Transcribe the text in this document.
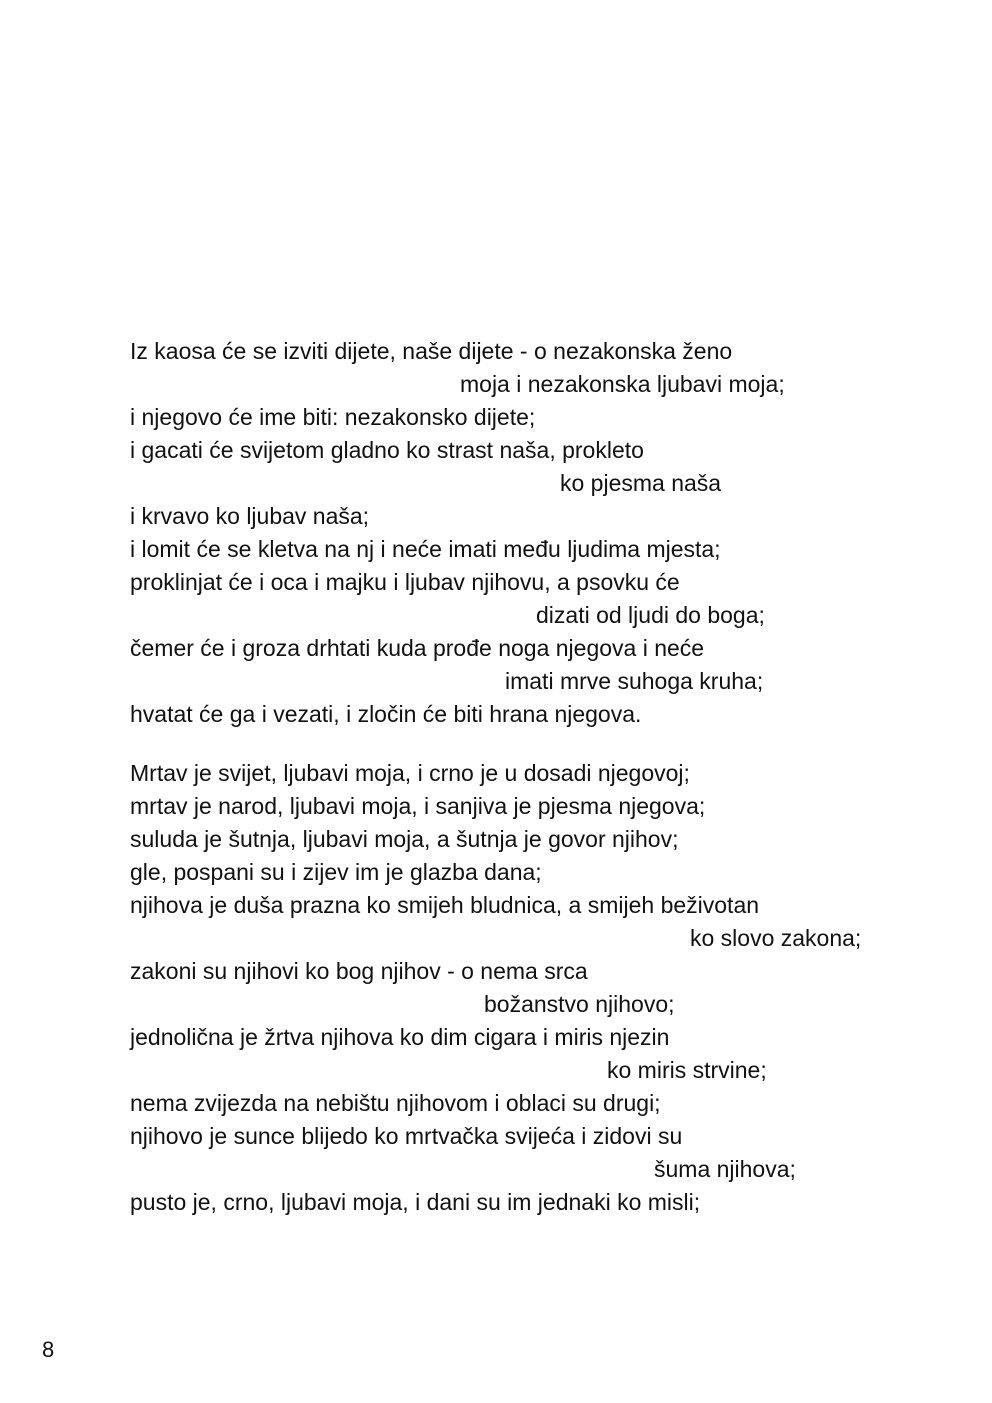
Iz kaosa će se izviti dijete, naše dijete - o nezakonska ženo
moja i nezakonska ljubavi moja;
i njegovo će ime biti: nezakonsko dijete;
i gacati će svijetom gladno ko strast naša, prokleto
ko pjesma naša
i krvavo ko ljubav naša;
i lomit će se kletva na nj i neće imati među ljudima mjesta;
proklinjat će i oca i majku i ljubav njihovu, a psovku će
dizati od ljudi do boga;
čemer će i groza drhtati kuda prođe noga njegova i neće
imati mrve suhoga kruha;
hvatat će ga i vezati, i zločin će biti hrana njegova.
Mrtav je svijet, ljubavi moja, i crno je u dosadi njegovoj;
mrtav je narod, ljubavi moja, i sanjiva je pjesma njegova;
suluda je šutnja, ljubavi moja, a šutnja je govor njihov;
gle, pospani su i zijev im je glazba dana;
njihova je duša prazna ko smijeh bludnica, a smijeh beživotan
ko slovo zakona;
zakoni su njihovi ko bog njihov - o nema srca
božanstvo njihovo;
jednolična je žrtva njihova ko dim cigara i miris njezin
ko miris strvine;
nema zvijezda na nebištu njihovom i oblaci su drugi;
njihovo je sunce blijedo ko mrtvačka svijeća i zidovi su
šuma njihova;
pusto je, crno, ljubavi moja, i dani su im jednaki ko misli;
8
